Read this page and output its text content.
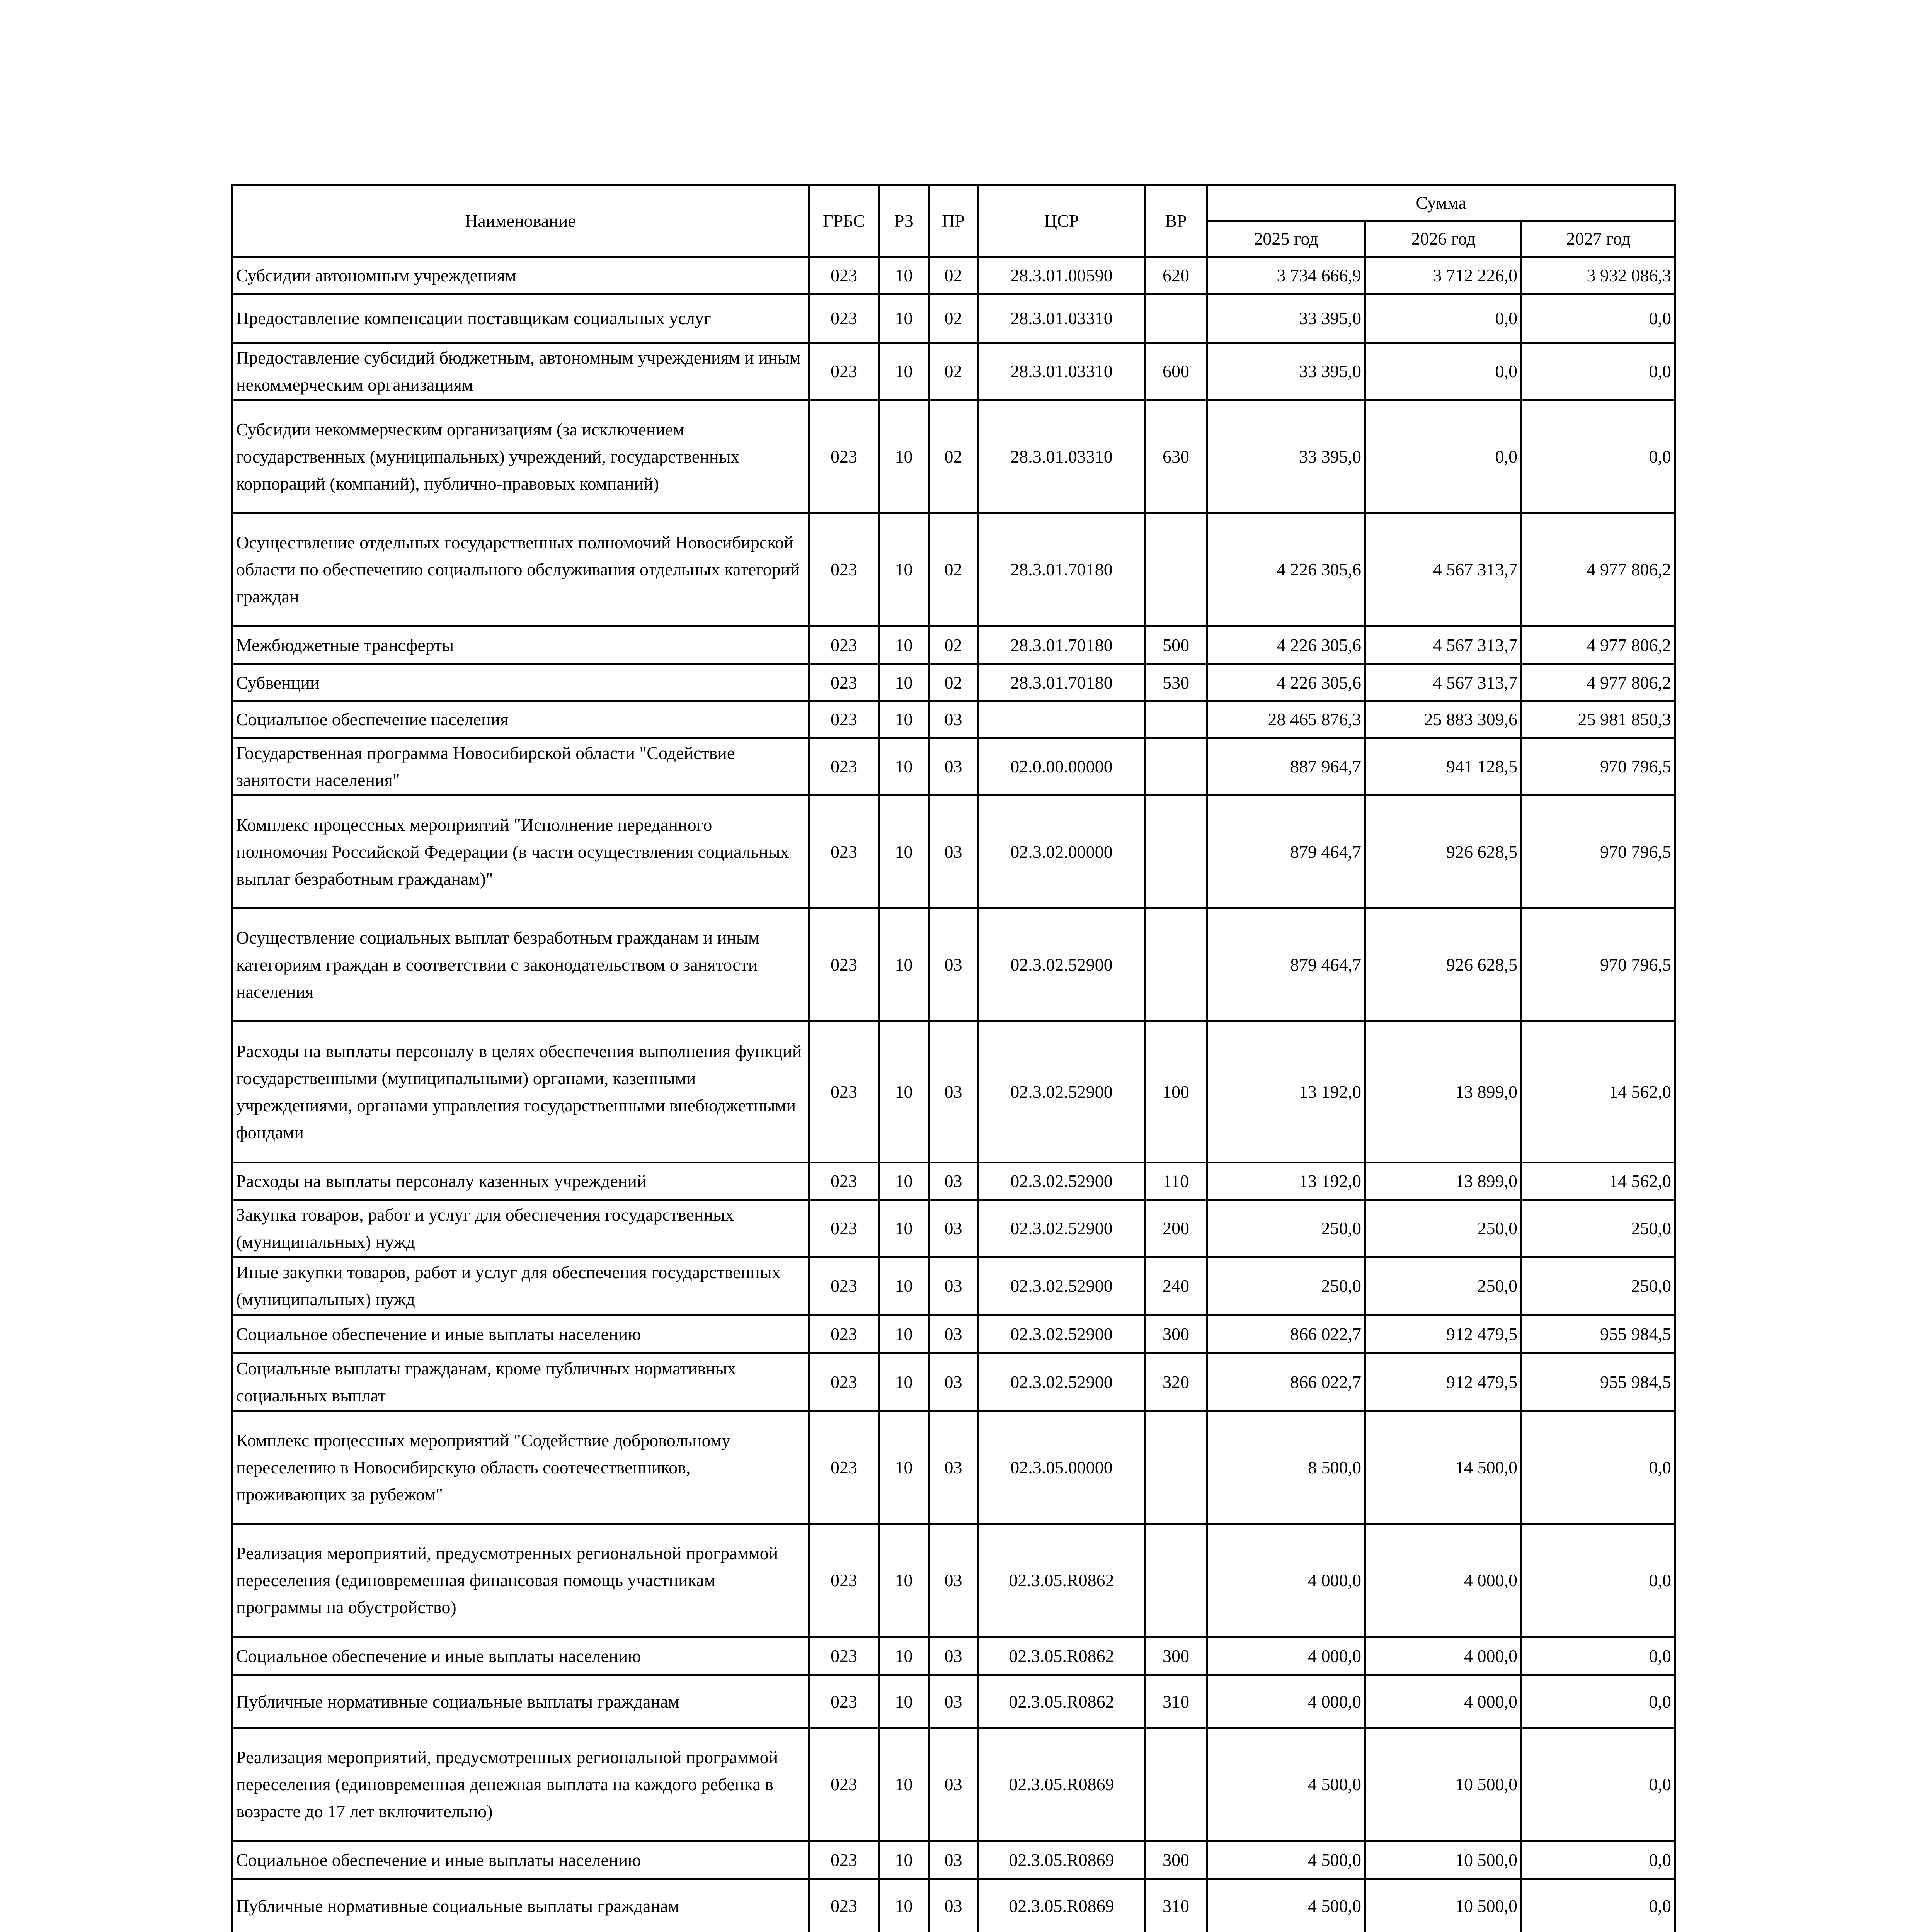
Наименование	ГРБС	РЗ	ПР	ЦСР	ВР	Сумма		
						2025 год	2026 год	2027 год
Субсидии автономным учреждениям	023	10	02	28.3.01.00590	620	3 734 666,9	3 712 226,0	3 932 086,3
Предоставление компенсации поставщикам социальных услуг	023	10	02	28.3.01.03310		33 395,0	0,0	0,0
Предоставление субсидий бюджетным, автономным учреждениям и иным некоммерческим организациям	023	10	02	28.3.01.03310	600	33 395,0	0,0	0,0
Субсидии некоммерческим организациям (за исключением государственных (муниципальных) учреждений, государственных корпораций (компаний), публично-правовых компаний)	023	10	02	28.3.01.03310	630	33 395,0	0,0	0,0
Осуществление отдельных государственных полномочий Новосибирской области по обеспечению социального обслуживания отдельных категорий граждан	023	10	02	28.3.01.70180		4 226 305,6	4 567 313,7	4 977 806,2
Межбюджетные трансферты	023	10	02	28.3.01.70180	500	4 226 305,6	4 567 313,7	4 977 806,2
Субвенции	023	10	02	28.3.01.70180	530	4 226 305,6	4 567 313,7	4 977 806,2
Социальное обеспечение населения	023	10	03			28 465 876,3	25 883 309,6	25 981 850,3
Государственная программа Новосибирской области "Содействие занятости населения"	023	10	03	02.0.00.00000		887 964,7	941 128,5	970 796,5
Комплекс процессных мероприятий "Исполнение переданного полномочия Российской Федерации (в части осуществления социальных выплат безработным гражданам)"	023	10	03	02.3.02.00000		879 464,7	926 628,5	970 796,5
Осуществление социальных выплат безработным гражданам и иным категориям граждан в соответствии с законодательством о занятости населения	023	10	03	02.3.02.52900		879 464,7	926 628,5	970 796,5
Расходы на выплаты персоналу в целях обеспечения выполнения функций государственными (муниципальными) органами, казенными учреждениями, органами управления государственными внебюджетными фондами	023	10	03	02.3.02.52900	100	13 192,0	13 899,0	14 562,0
Расходы на выплаты персоналу казенных учреждений	023	10	03	02.3.02.52900	110	13 192,0	13 899,0	14 562,0
Закупка товаров, работ и услуг для обеспечения государственных (муниципальных) нужд	023	10	03	02.3.02.52900	200	250,0	250,0	250,0
Иные закупки товаров, работ и услуг для обеспечения государственных (муниципальных) нужд	023	10	03	02.3.02.52900	240	250,0	250,0	250,0
Социальное обеспечение и иные выплаты населению	023	10	03	02.3.02.52900	300	866 022,7	912 479,5	955 984,5
Социальные выплаты гражданам, кроме публичных нормативных социальных выплат	023	10	03	02.3.02.52900	320	866 022,7	912 479,5	955 984,5
Комплекс процессных мероприятий "Содействие добровольному переселению в Новосибирскую область соотечественников, проживающих за рубежом"	023	10	03	02.3.05.00000		8 500,0	14 500,0	0,0
Реализация мероприятий, предусмотренных региональной программой переселения (единовременная финансовая помощь участникам программы на обустройство)	023	10	03	02.3.05.R0862		4 000,0	4 000,0	0,0
Социальное обеспечение и иные выплаты населению	023	10	03	02.3.05.R0862	300	4 000,0	4 000,0	0,0
Публичные нормативные социальные выплаты гражданам	023	10	03	02.3.05.R0862	310	4 000,0	4 000,0	0,0
Реализация мероприятий, предусмотренных региональной программой переселения (единовременная денежная выплата на каждого ребенка в возрасте до 17 лет включительно)	023	10	03	02.3.05.R0869		4 500,0	10 500,0	0,0
Социальное обеспечение и иные выплаты населению	023	10	03	02.3.05.R0869	300	4 500,0	10 500,0	0,0
Публичные нормативные социальные выплаты гражданам	023	10	03	02.3.05.R0869	310	4 500,0	10 500,0	0,0
